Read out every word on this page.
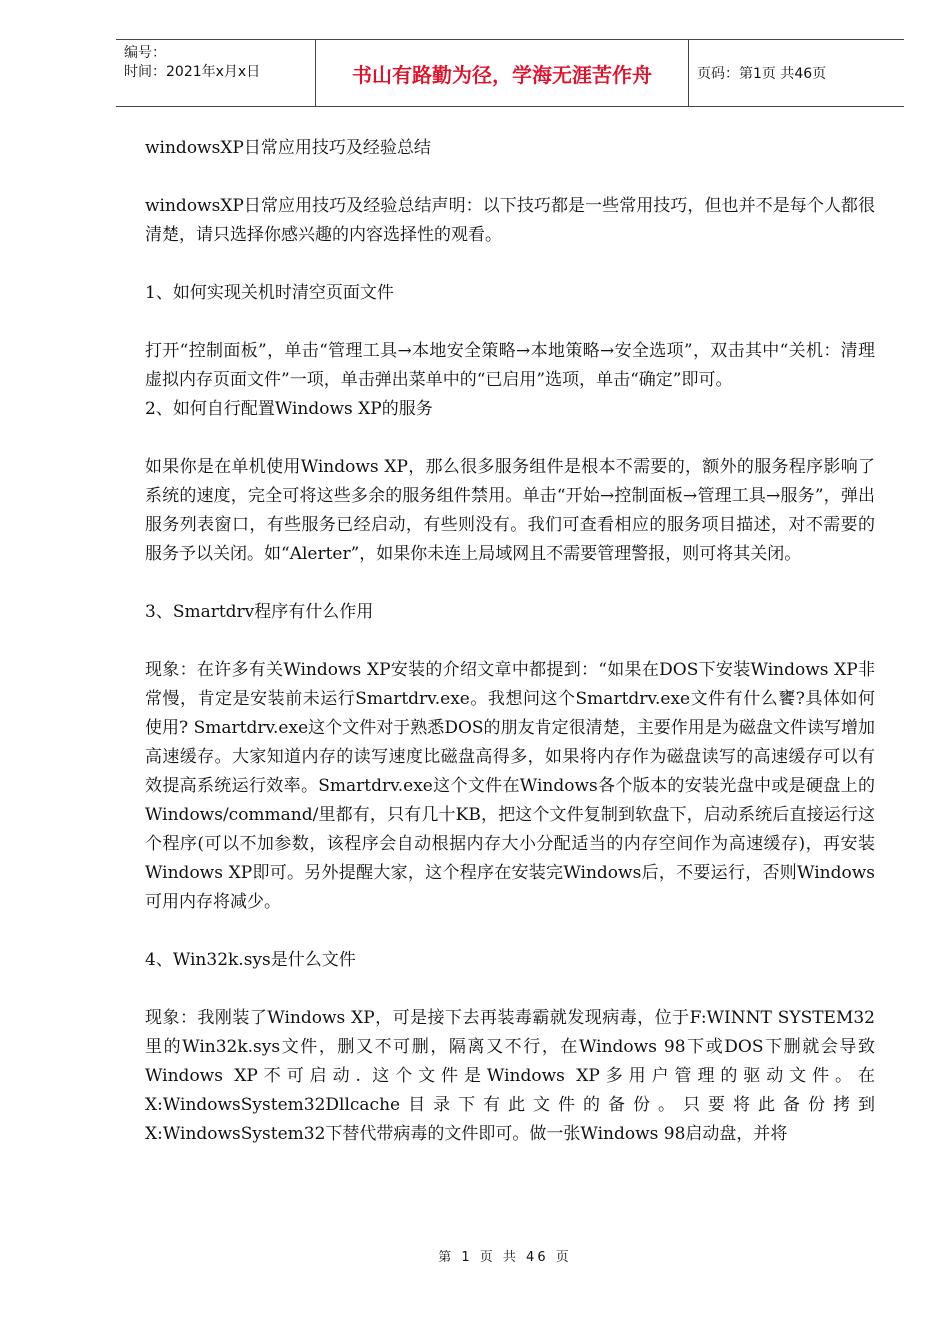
编号：
时间：2021年x月x日	书山有路勤为径，学海无涯苦作舟	页码：第1页 共46页

windowsXP日常应用技巧及经验总结

windowsXP日常应用技巧及经验总结声明：以下技巧都是一些常用技巧，但也并不是每个人都很清楚，请只选择你感兴趣的内容选择性的观看。

1、如何实现关机时清空页面文件

打开“控制面板”，单击“管理工具→本地安全策略→本地策略→安全选项”，双击其中“关机：清理虚拟内存页面文件”一项，单击弹出菜单中的“已启用”选项，单击“确定”即可。

2、如何自行配置Windows XP的服务

如果你是在单机使用Windows XP，那么很多服务组件是根本不需要的，额外的服务程序影响了系统的速度，完全可将这些多余的服务组件禁用。单击“开始→控制面板→管理工具→服务”，弹出服务列表窗口，有些服务已经启动，有些则没有。我们可查看相应的服务项目描述，对不需要的服务予以关闭。如“Alerter”，如果你未连上局域网且不需要管理警报，则可将其关闭。

3、Smartdrv程序有什么作用

现象：在许多有关Windows XP安装的介绍文章中都提到：“如果在DOS下安装Windows XP非常慢，肯定是安装前未运行Smartdrv.exe。我想问这个Smartdrv.exe文件有什么饔?具体如何使用? Smartdrv.exe这个文件对于熟悉DOS的朋友肯定很清楚，主要作用是为磁盘文件读写增加高速缓存。大家知道内存的读写速度比磁盘高得多，如果将内存作为磁盘读写的高速缓存可以有效提高系统运行效率。Smartdrv.exe这个文件在Windows各个版本的安装光盘中或是硬盘上的Windows/command/里都有，只有几十KB，把这个文件复制到软盘下，启动系统后直接运行这个程序(可以不加参数，该程序会自动根据内存大小分配适当的内存空间作为高速缓存)，再安装Windows XP即可。另外提醒大家，这个程序在安装完Windows后，不要运行，否则Windows可用内存将减少。

4、Win32k.sys是什么文件

现象：我刚装了Windows XP，可是接下去再装毒霸就发现病毒，位于F:WINNT SYSTEM32里的Win32k.sys文件，删又不可删，隔离又不行，在Windows 98下或DOS下删就会导致Windows XP不可启动. 这个文件是Windows XP多用户管理的驱动文件。在X:WindowsSystem32Dllcache目录下有此文件的备份。只要将此备份拷到X:WindowsSystem32下替代带病毒的文件即可。做一张Windows 98启动盘，并将

第 1 页 共 46 页
